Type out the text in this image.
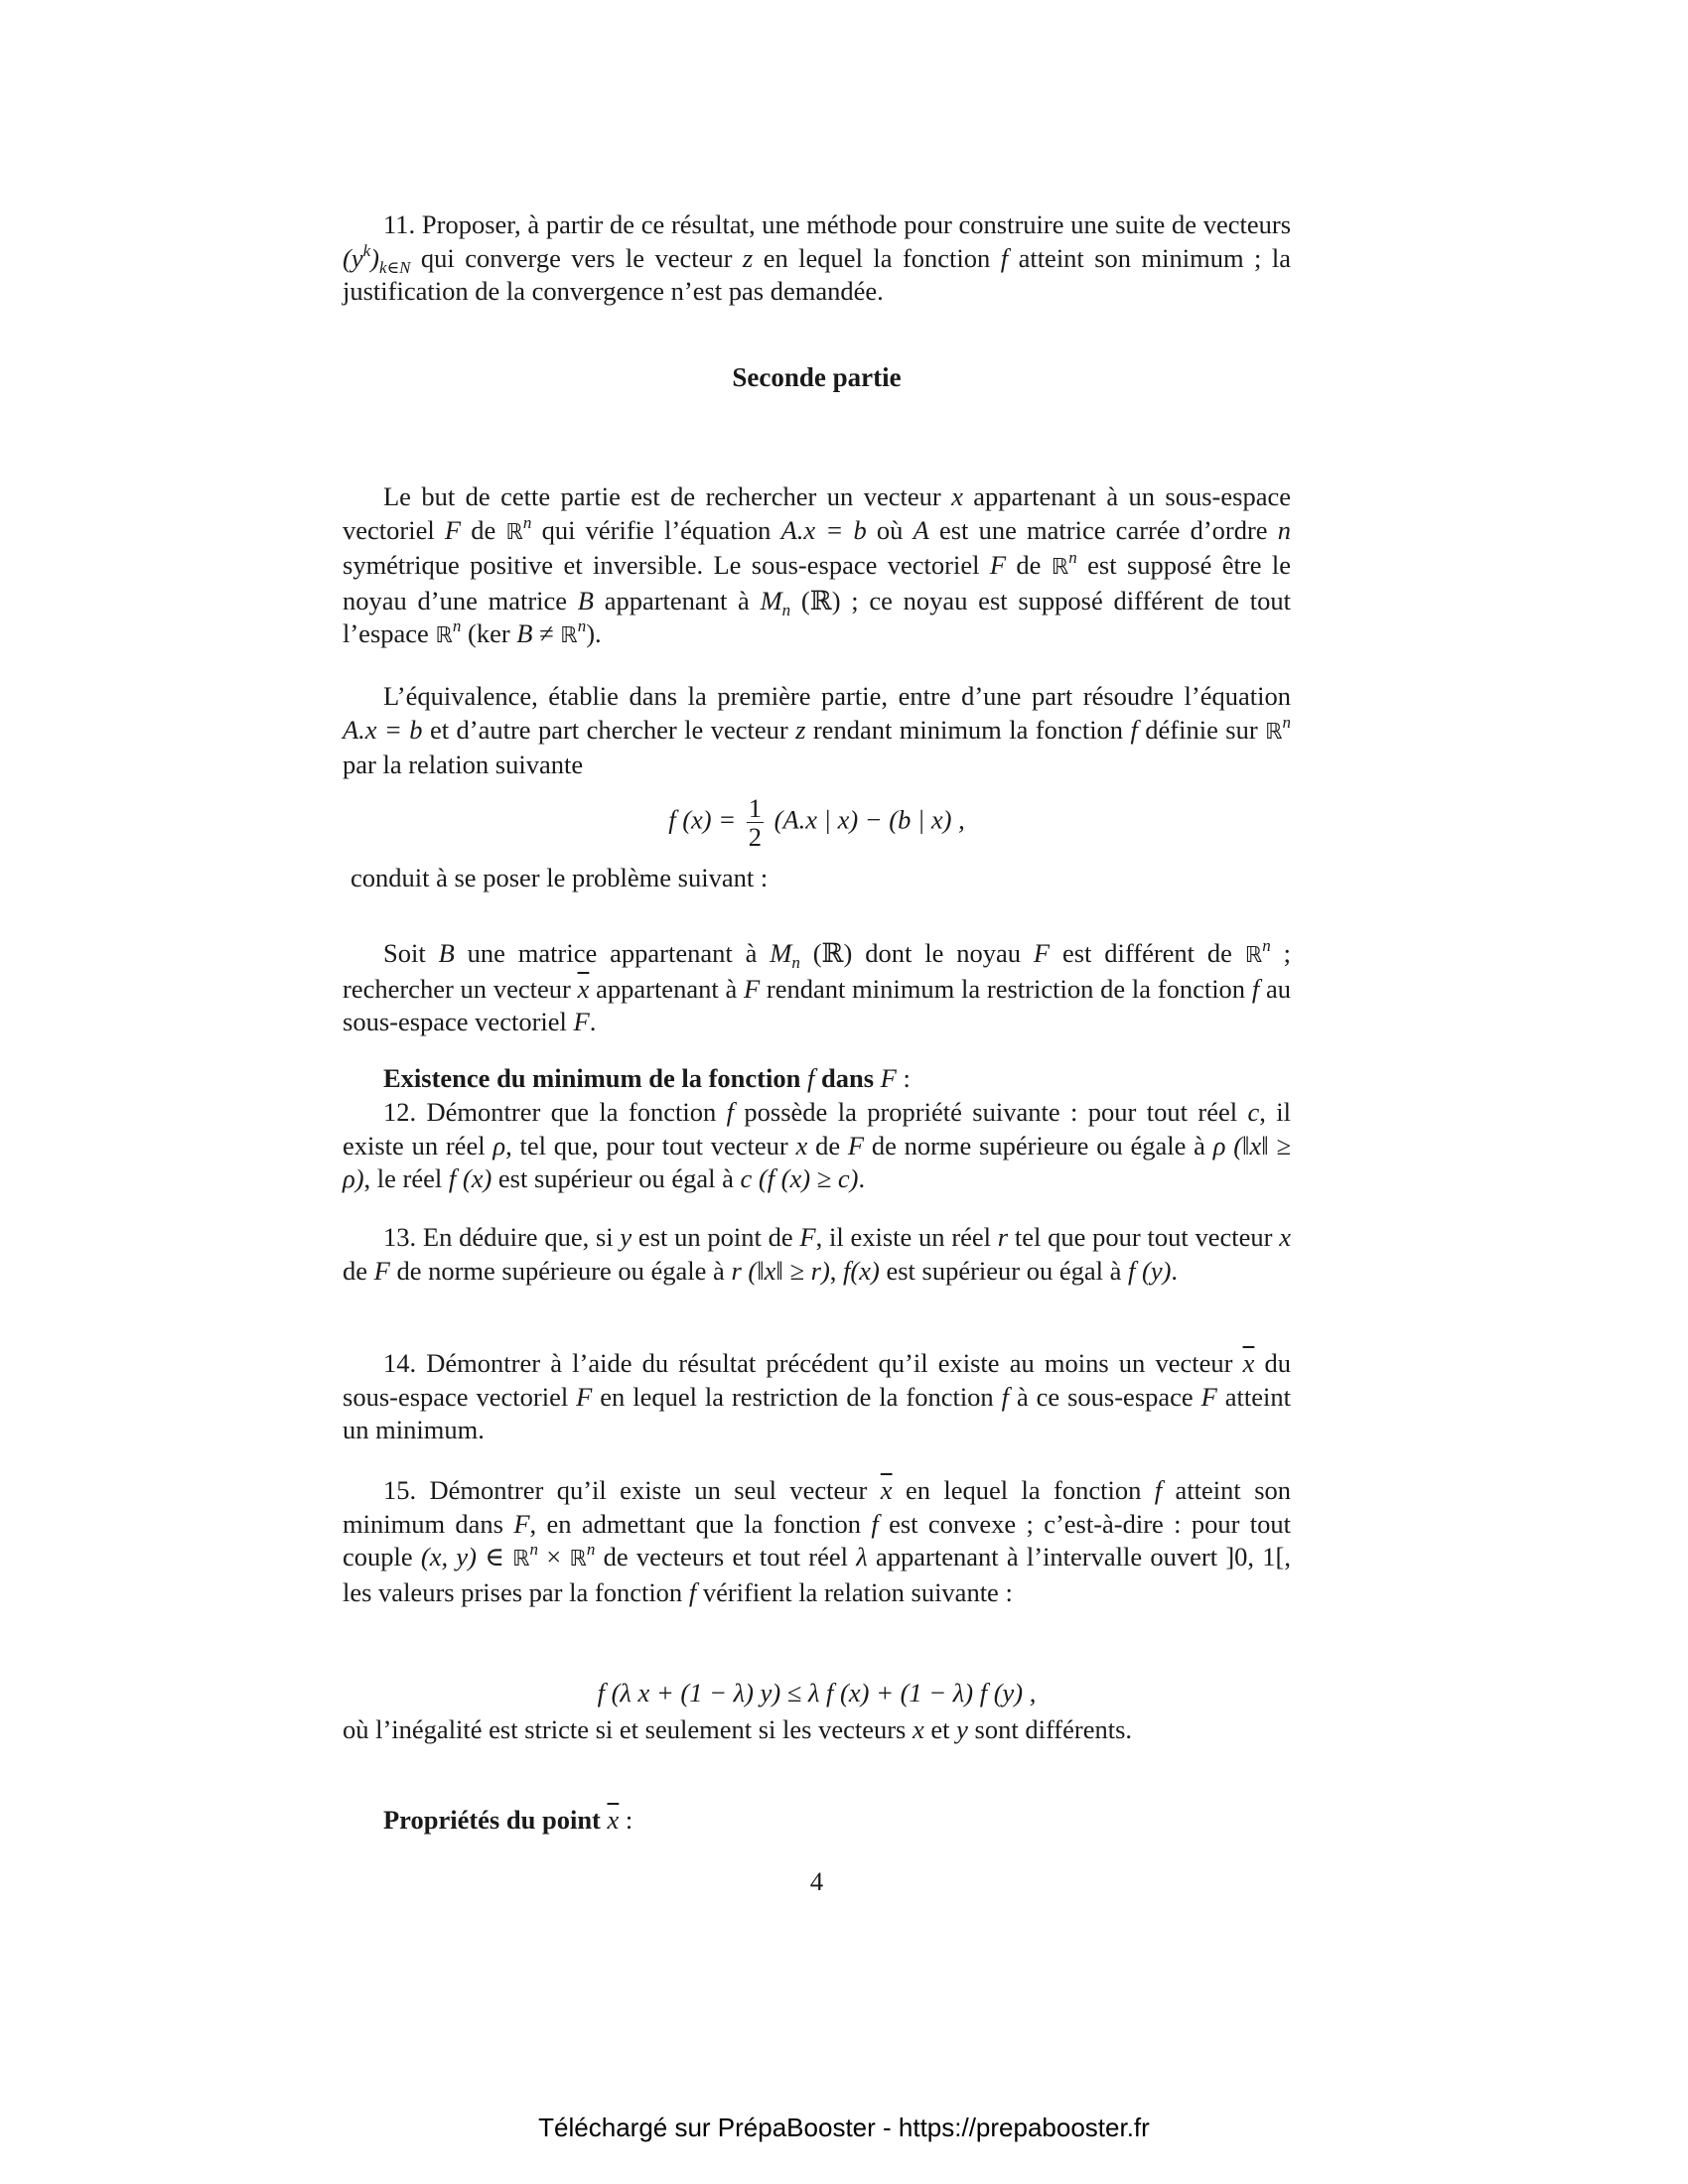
11. Proposer, à partir de ce résultat, une méthode pour construire une suite de vecteurs $(y^k)_{k\in N}$ qui converge vers le vecteur z en lequel la fonction f atteint son minimum ; la justification de la convergence n’est pas demandée.

Seconde partie

Le but de cette partie est de rechercher un vecteur x appartenant à un sous-espace vectoriel F de ℝ$^n$ qui vérifie l’équation A.x = b où A est une matrice carrée d’ordre n symétrique positive et inversible. Le sous-espace vectoriel F de ℝ$^n$ est supposé être le noyau d’une matrice B appartenant à $M_n$ (ℝ) ; ce noyau est supposé différent de tout l’espace ℝ$^n$ (ker B ≠ ℝ$^n$).

L’équivalence, établie dans la première partie, entre d’une part résoudre l’équation A.x = b et d’autre part chercher le vecteur z rendant minimum la fonction f définie sur ℝ$^n$ par la relation suivante

f $(x) = \frac{1}{2} (A.x$ | x) − (b | x) ,

conduit à se poser le problème suivant :

Soit B une matrice appartenant à $M_n$ (ℝ) dont le noyau F est différent de ℝ$^n$ ; rechercher un vecteur $\overline{x}$ appartenant à F rendant minimum la restriction de la fonction f au sous-espace vectoriel F.

Existence du minimum de la fonction f dans F :

12. Démontrer que la fonction f possède la propriété suivante : pour tout réel c, il existe un réel ρ, tel que, pour tout vecteur x de F de norme supérieure ou égale à ρ (‖x‖ ≥ ρ), le réel f (x) est supérieur ou égal à c (f (x) ≥ c).

13. En déduire que, si y est un point de F, il existe un réel r tel que pour tout vecteur x de F de norme supérieure ou égale à r (‖x‖ ≥ r), f(x) est supérieur ou égal à f (y).

14. Démontrer à l’aide du résultat précédent qu’il existe au moins un vecteur $\overline{x}$ du sous-espace vectoriel F en lequel la restriction de la fonction f à ce sous-espace F atteint un minimum.

15. Démontrer qu’il existe un seul vecteur $\overline{x}$ en lequel la fonction f atteint son minimum dans F, en admettant que la fonction f est convexe ; c’est-à-dire : pour tout couple (x, y) ∈ ℝ$^n$ × ℝ$^n$ de vecteurs et tout réel λ appartenant à l’intervalle ouvert ]0, 1[, les valeurs prises par la fonction f vérifient la relation suivante :

f (λ x + (1 − λ) y) ≤ λ f (x) + (1 − λ) f (y) ,

où l’inégalité est stricte si et seulement si les vecteurs x et y sont différents.

Propriétés du point $\overline{x}$ :

4
Téléchargé sur PrépaBooster - https://prepabooster.fr
